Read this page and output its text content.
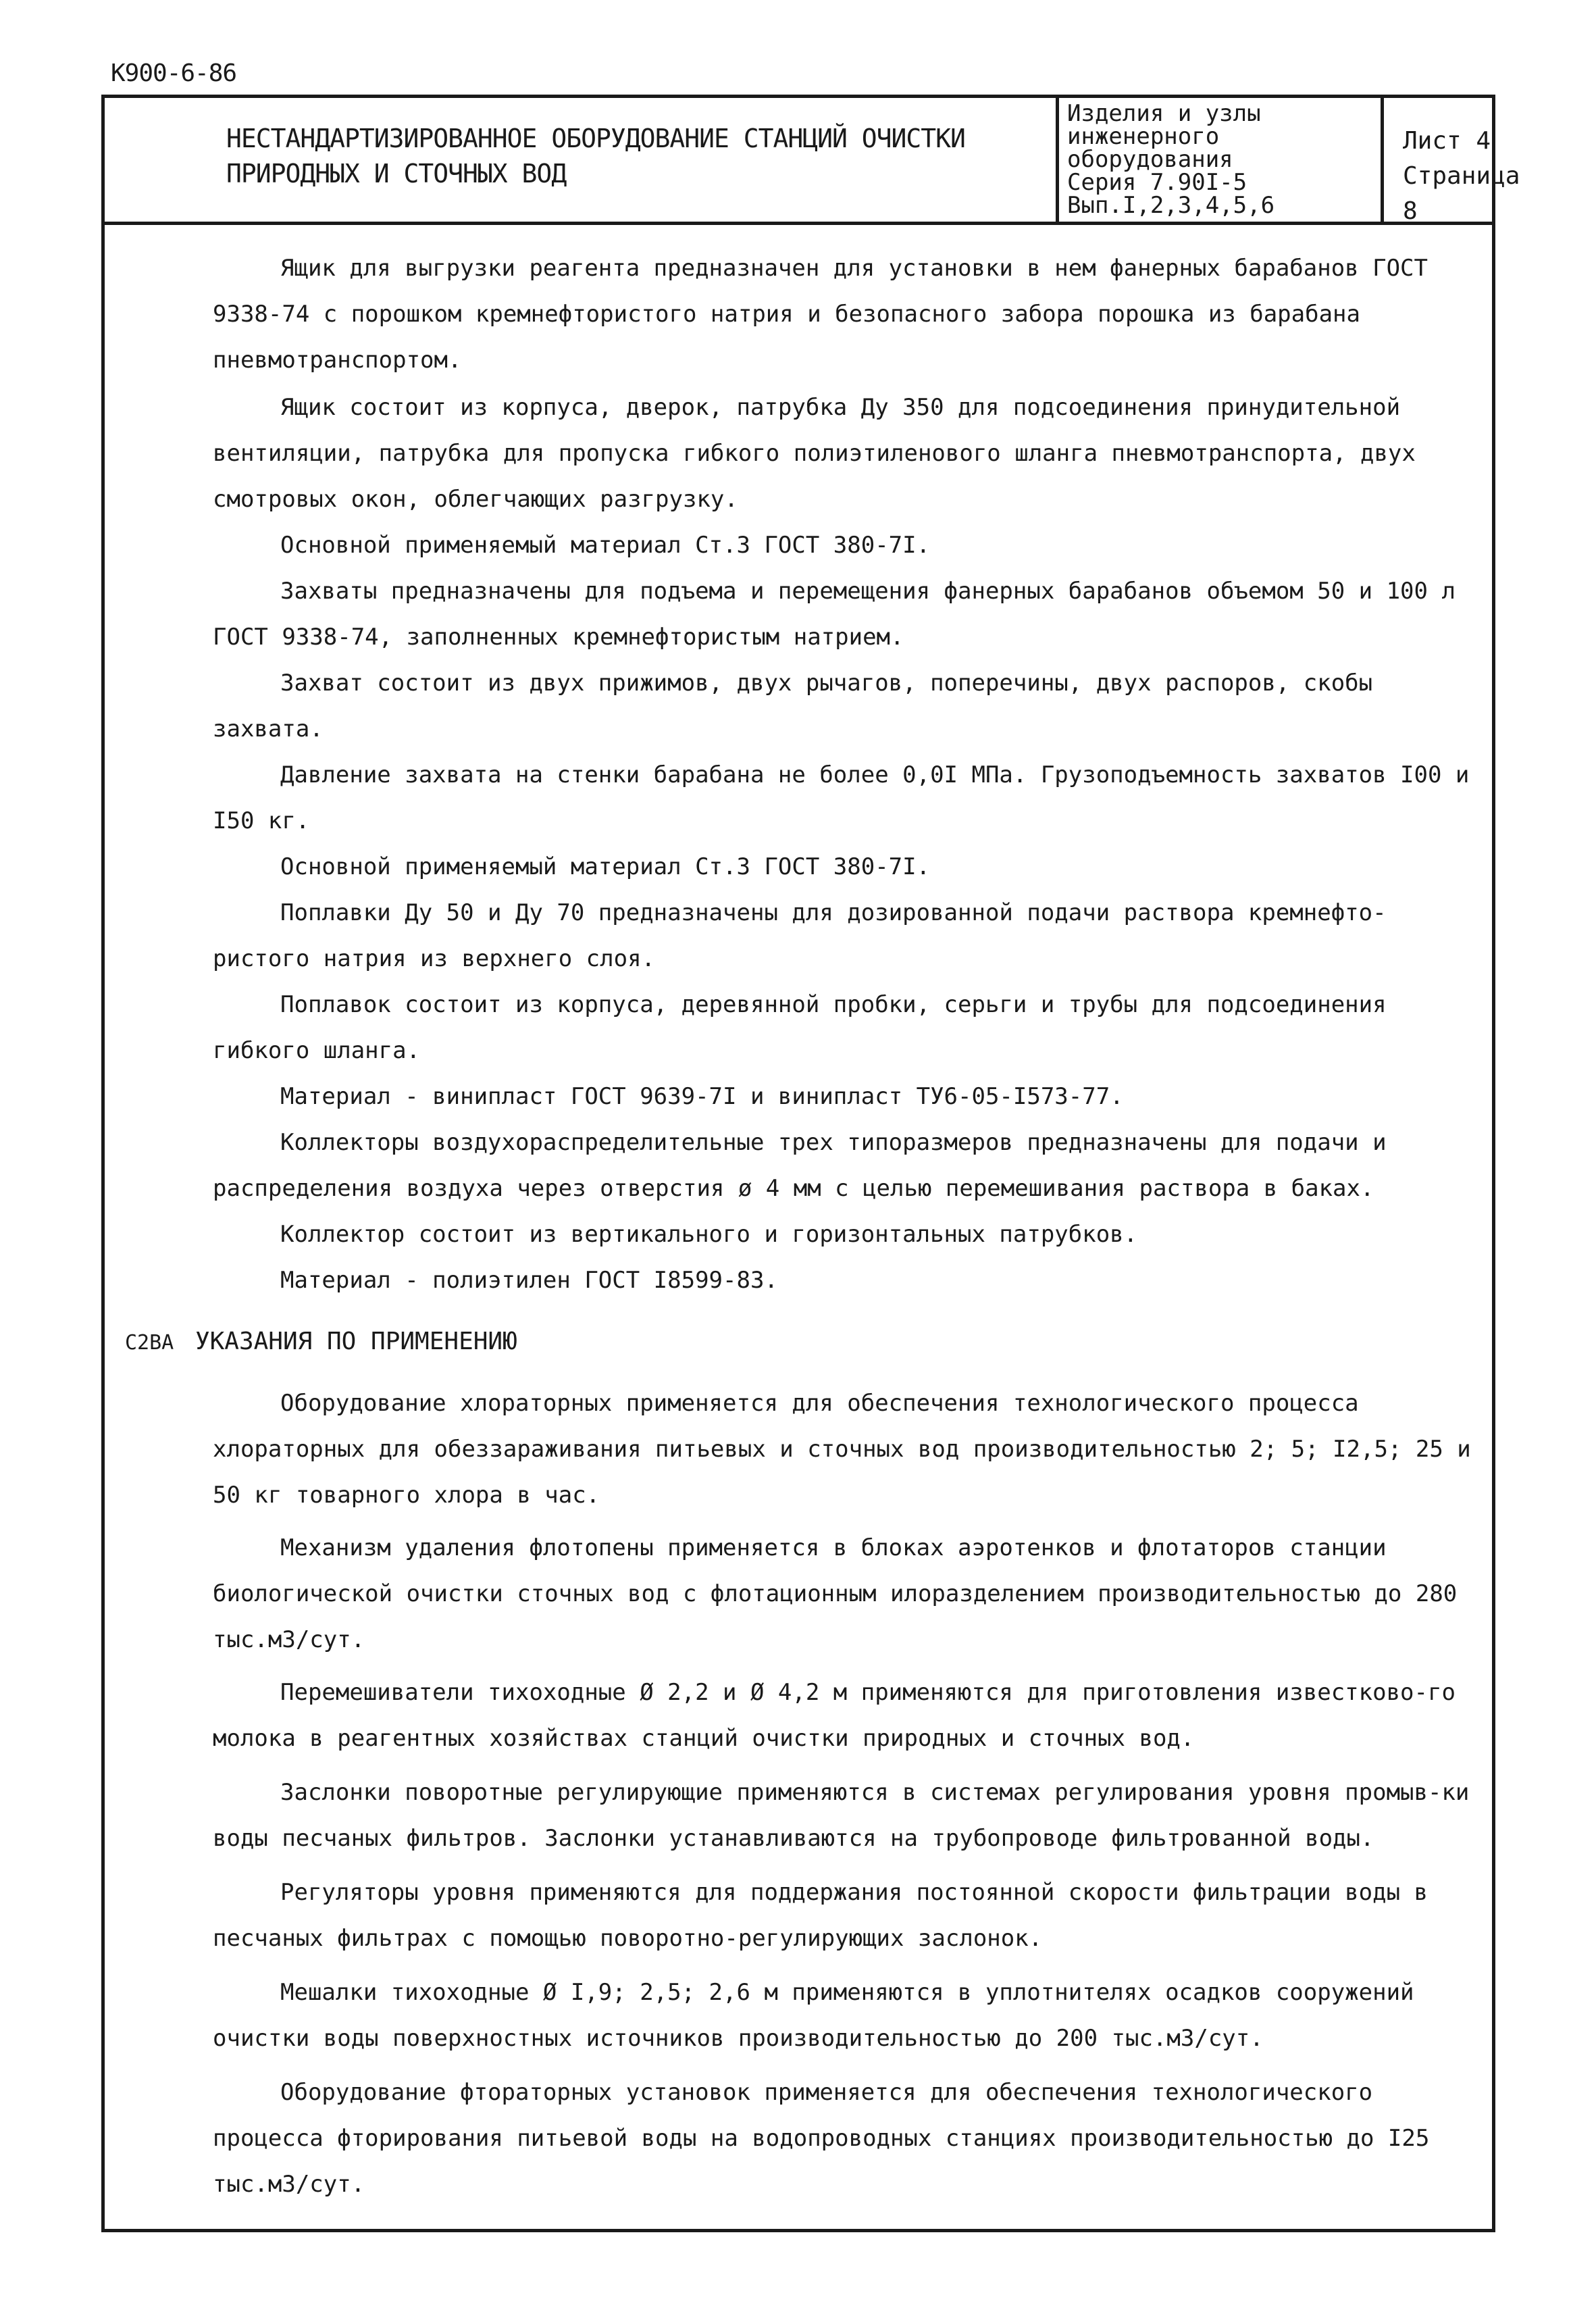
К900-6-86
НЕСТАНДАРТИЗИРОВАННОЕ ОБОРУДОВАНИЕ СТАНЦИЙ ОЧИСТКИ
ПРИРОДНЫХ И СТОЧНЫХ ВОД
Изделия и узлы
инженерного
оборудования
Серия 7.90I-5
Вып.I,2,3,4,5,6
Лист 4
Страница 8
Ящик для выгрузки реагента предназначен для установки в нем фанерных барабанов ГОСТ 9338-74 с порошком кремнефтористого натрия и безопасного забора порошка из барабана пневмотранспортом.
Ящик состоит из корпуса, дверок, патрубка Ду 350 для подсоединения принудительной вентиляции, патрубка для пропуска гибкого полиэтиленового шланга пневмотранспорта, двух смотровых окон, облегчающих разгрузку.
Основной применяемый материал Ст.3 ГОСТ 380-7I.
Захваты предназначены для подъема и перемещения фанерных барабанов объемом 50 и 100 л ГОСТ 9338-74, заполненных кремнефтористым натрием.
Захват состоит из двух прижимов, двух рычагов, поперечины, двух распоров, скобы захвата.
Давление захвата на стенки барабана не более 0,0I МПа. Грузоподъемность захватов I00 и I50 кг.
Основной применяемый материал Ст.3 ГОСТ 380-7I.
Поплавки Ду 50 и Ду 70 предназначены для дозированной подачи раствора кремнефто-ристого натрия из верхнего слоя.
Поплавок состоит из корпуса, деревянной пробки, серьги и трубы для подсоединения гибкого шланга.
Материал - винипласт ГОСТ 9639-7I и винипласт ТУ6-05-I573-77.
Коллекторы воздухораспределительные трех типоразмеров предназначены для подачи и распределения воздуха через отверстия ø 4 мм с целью перемешивания раствора в баках.
Коллектор состоит из вертикального и горизонтальных патрубков.
Материал - полиэтилен ГОСТ I8599-83.
С2ВА УКАЗАНИЯ ПО ПРИМЕНЕНИЮ
Оборудование хлораторных применяется для обеспечения технологического процесса хлораторных для обеззараживания питьевых и сточных вод производительностью 2; 5; I2,5; 25 и 50 кг товарного хлора в час.
Механизм удаления флотопены применяется в блоках аэротенков и флотаторов станции биологической очистки сточных вод с флотационным илоразделением производительностью до 280 тыс.м3/сут.
Перемешиватели тихоходные Ø 2,2 и Ø 4,2 м применяются для приготовления известково-го молока в реагентных хозяйствах станций очистки природных и сточных вод.
Заслонки поворотные регулирующие применяются в системах регулирования уровня промыв-ки воды песчаных фильтров. Заслонки устанавливаются на трубопроводе фильтрованной воды.
Регуляторы уровня применяются для поддержания постоянной скорости фильтрации воды в песчаных фильтрах с помощью поворотно-регулирующих заслонок.
Мешалки тихоходные Ø I,9; 2,5; 2,6 м применяются в уплотнителях осадков сооружений очистки воды поверхностных источников производительностью до 200 тыс.м3/сут.
Оборудование фтораторных установок применяется для обеспечения технологического процесса фторирования питьевой воды на водопроводных станциях производительностью до I25 тыс.м3/сут.
